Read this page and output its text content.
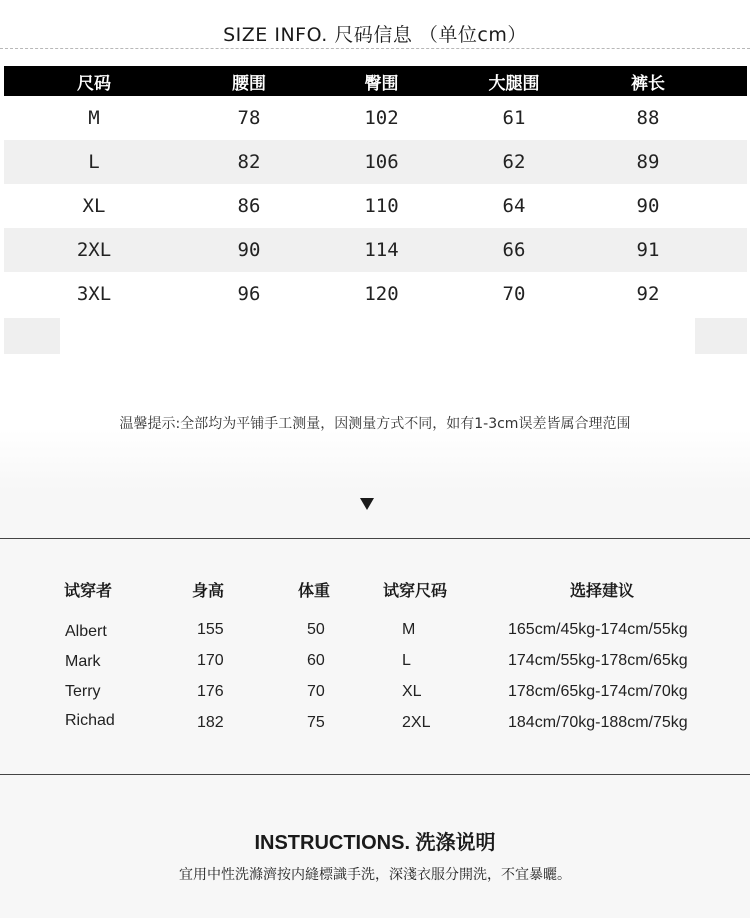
SIZE INFO. 尺码信息 （单位cm）
尺码	腰围	臀围	大腿围	裤长
M	78	102	61	88
L	82	106	62	89
XL	86	110	64	90
2XL	90	114	66	91
3XL	96	120	70	92
温馨提示:全部均为平铺手工测量，因测量方式不同，如有1-3cm误差皆属合理范围
试穿者	身高	体重	试穿尺码	选择建议
Albert	155	50	M	165cm/45kg-174cm/55kg
Mark	170	60	L	174cm/55kg-178cm/65kg
Terry	176	70	XL	178cm/65kg-174cm/70kg
Richad	182	75	2XL	184cm/70kg-188cm/75kg
INSTRUCTIONS. 洗涤说明
宜用中性洗滌濟按内縫標識手洗，深淺衣服分開洗，不宜暴曬。
